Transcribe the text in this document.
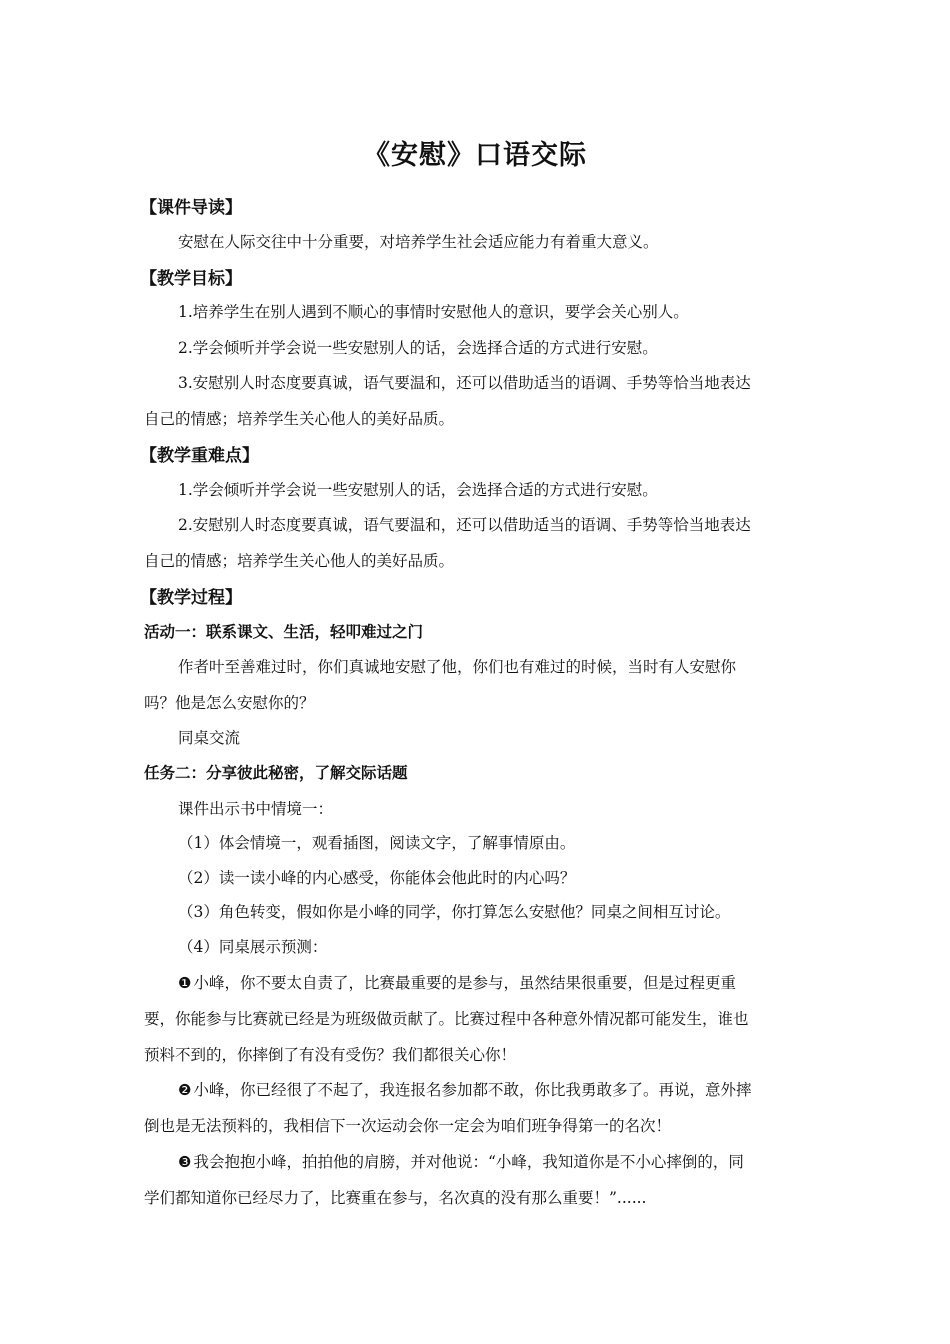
《安慰》口语交际
【课件导读】
安慰在人际交往中十分重要，对培养学生社会适应能力有着重大意义。
【教学目标】
1.培养学生在别人遇到不顺心的事情时安慰他人的意识，要学会关心别人。
2.学会倾听并学会说一些安慰别人的话，会选择合适的方式进行安慰。
3.安慰别人时态度要真诚，语气要温和，还可以借助适当的语调、手势等恰当地表达
自己的情感；培养学生关心他人的美好品质。
【教学重难点】
1.学会倾听并学会说一些安慰别人的话，会选择合适的方式进行安慰。
2.安慰别人时态度要真诚，语气要温和，还可以借助适当的语调、手势等恰当地表达
自己的情感；培养学生关心他人的美好品质。
【教学过程】
活动一：联系课文、生活，轻叩难过之门
作者叶至善难过时，你们真诚地安慰了他，你们也有难过的时候，当时有人安慰你
吗？他是怎么安慰你的？
同桌交流
任务二：分享彼此秘密，了解交际话题
课件出示书中情境一：
（1）体会情境一，观看插图，阅读文字，了解事情原由。
（2）读一读小峰的内心感受，你能体会他此时的内心吗？
（3）角色转变，假如你是小峰的同学，你打算怎么安慰他？同桌之间相互讨论。
（4）同桌展示预测：
❶ 小峰，你不要太自责了，比赛最重要的是参与，虽然结果很重要，但是过程更重
要，你能参与比赛就已经是为班级做贡献了。比赛过程中各种意外情况都可能发生，谁也
预料不到的，你摔倒了有没有受伤？我们都很关心你！
❷ 小峰，你已经很了不起了，我连报名参加都不敢，你比我勇敢多了。再说，意外摔
倒也是无法预料的，我相信下一次运动会你一定会为咱们班争得第一的名次！
❸ 我会抱抱小峰，拍拍他的肩膀，并对他说：“小峰，我知道你是不小心摔倒的，同
学们都知道你已经尽力了，比赛重在参与，名次真的没有那么重要！”......
